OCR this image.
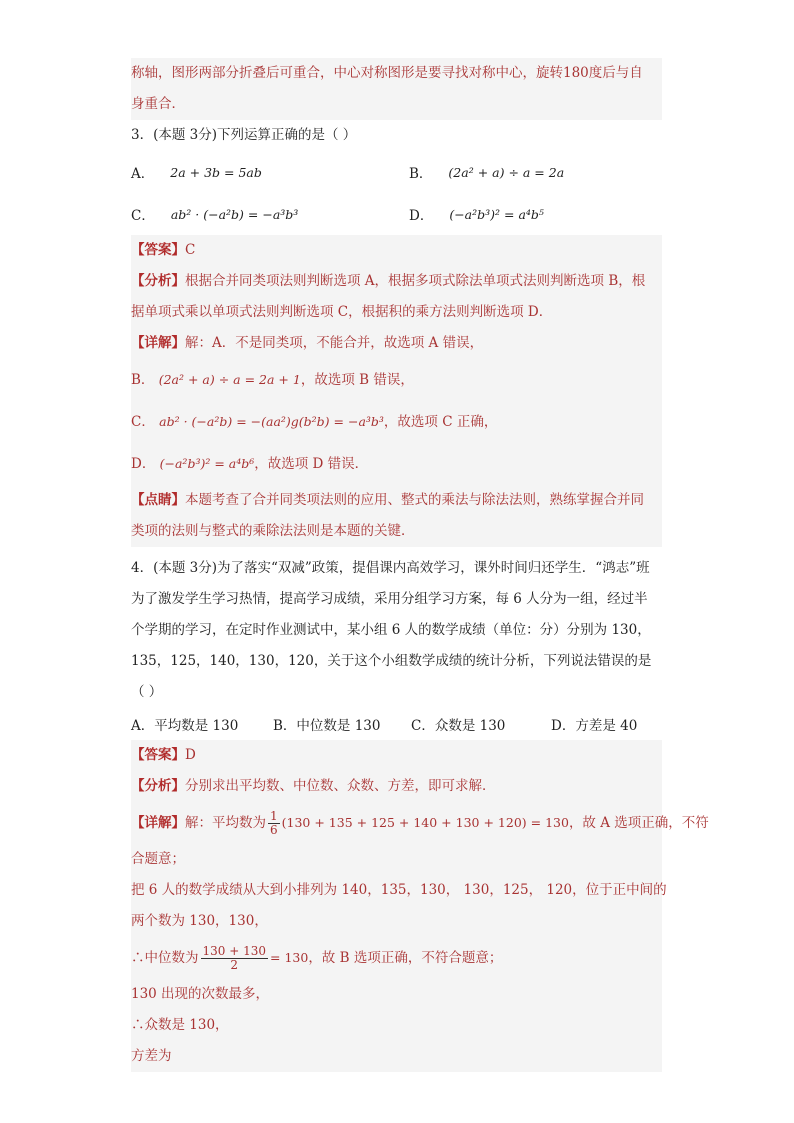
称轴，图形两部分折叠后可重合，中心对称图形是要寻找对称中心，旋转180度后与自
身重合．
3．(本题 3分)下列运算正确的是（ ）
A． 2a + 3b = 5ab	B． (2a² + a) ÷ a = 2a
C． ab² · (−a²b) = −a³b³	D． (−a²b³)² = a⁴b⁵
【答案】C
【分析】根据合并同类项法则判断选项 A，根据多项式除法单项式法则判断选项 B，根
据单项式乘以单项式法则判断选项 C，根据积的乘方法则判断选项 D．
【详解】解：A．不是同类项，不能合并，故选项 A 错误，
B． (2a² + a) ÷ a = 2a + 1，故选项 B 错误，
C． ab² · (−a²b) = −(aa²)g(b²b) = −a³b³，故选项 C 正确，
D． (−a²b³)² = a⁴b⁶，故选项 D 错误．
【点睛】本题考查了合并同类项法则的应用、整式的乘法与除法法则，熟练掌握合并同
类项的法则与整式的乘除法法则是本题的关键．
4．(本题 3分)为了落实“双减”政策，提倡课内高效学习，课外时间归还学生．“鸿志”班
为了激发学生学习热情，提高学习成绩，采用分组学习方案，每 6 人分为一组，经过半
个学期的学习，在定时作业测试中，某小组 6 人的数学成绩（单位：分）分别为 130，
135，125，140，130，120，关于这个小组数学成绩的统计分析，下列说法错误的是
（ ）
A．平均数是 130	B．中位数是 130	C．众数是 130	D．方差是 40
【答案】D
【分析】分别求出平均数、中位数、众数、方差，即可求解．
【详解】解：平均数为 $\frac{1}{6} (130 + 135 + 125 + 140 + 130 + 120) = 130$，故 A 选项正确，不符
合题意；
把 6 人的数学成绩从大到小排列为 140，135，130， 130，125， 120，位于正中间的
两个数为 130，130，
∴中位数为 $\frac{130 + 130}{2} = 130$，故 B 选项正确，不符合题意；
130 出现的次数最多，
∴众数是 130，
方差为
